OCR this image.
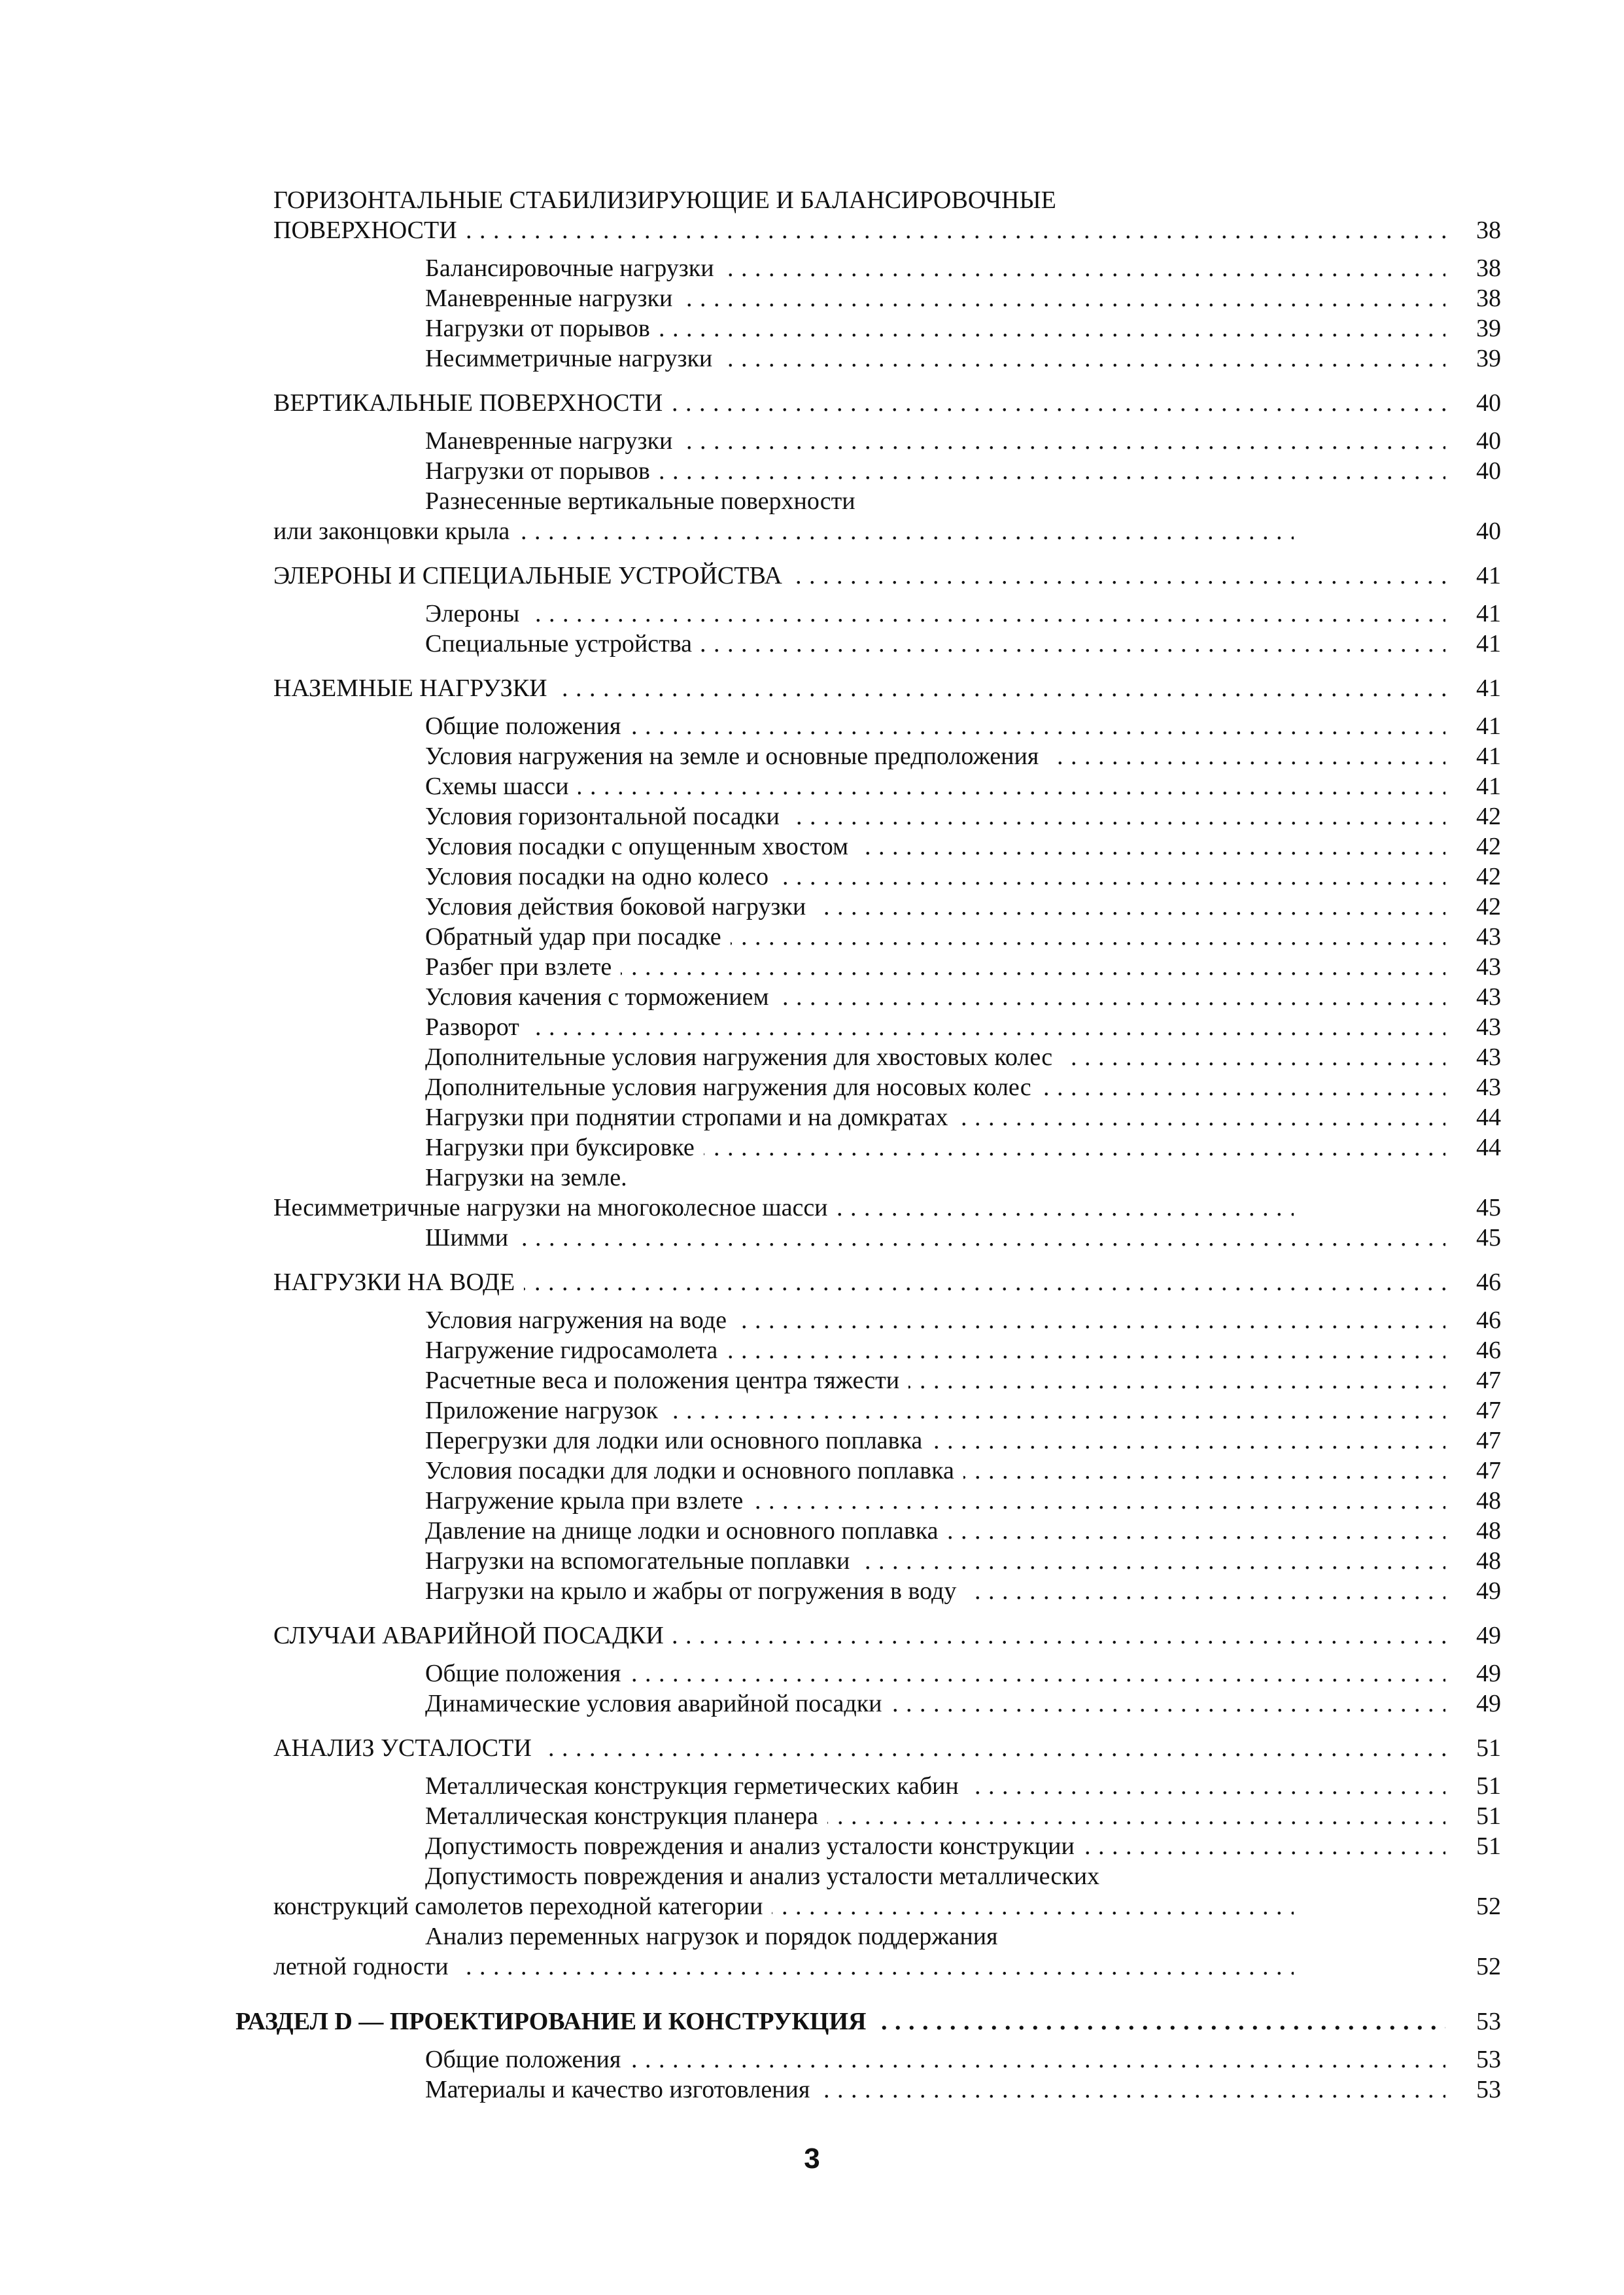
ГОРИЗОНТАЛЬНЫЕ СТАБИЛИЗИРУЮЩИЕ И БАЛАНСИРОВОЧНЫЕ
ПОВЕРХНОСТИ . . .	38
Балансировочные нагрузки . . .	38
Маневренные нагрузки . . .	38
Нагрузки от порывов . . .	39
Несимметричные нагрузки . . .	39
ВЕРТИКАЛЬНЫЕ ПОВЕРХНОСТИ . . .	40
Маневренные нагрузки . . .	40
Нагрузки от порывов . . .	40
Разнесенные вертикальные поверхности
или законцовки крыла . . .	40
ЭЛЕРОНЫ И СПЕЦИАЛЬНЫЕ УСТРОЙСТВА . . .	41
Элероны . . .	41
Специальные устройства . . .	41
НАЗЕМНЫЕ НАГРУЗКИ . . .	41
Общие положения . . .	41
Условия нагружения на земле и основные предположения . . .	41
Схемы шасси . . .	41
Условия горизонтальной посадки . . .	42
Условия посадки с опущенным хвостом . . .	42
Условия посадки на одно колесо . . .	42
Условия действия боковой нагрузки . . .	42
Обратный удар при посадке . . .	43
Разбег при взлете . . .	43
Условия качения с торможением . . .	43
Разворот . . .	43
Дополнительные условия нагружения для хвостовых колес . . .	43
Дополнительные условия нагружения для носовых колес . . .	43
Нагрузки при поднятии стропами и на домкратах . . .	44
Нагрузки при буксировке . . .	44
Нагрузки на земле.
Несимметричные нагрузки на многоколесное шасси . . .	45
Шимми . . .	45
НАГРУЗКИ НА ВОДЕ . . .	46
Условия нагружения на воде . . .	46
Нагружение гидросамолета . . .	46
Расчетные веса и положения центра тяжести . . .	47
Приложение нагрузок . . .	47
Перегрузки для лодки или основного поплавка . . .	47
Условия посадки для лодки и основного поплавка . . .	47
Нагружение крыла при взлете . . .	48
Давление на днище лодки и основного поплавка . . .	48
Нагрузки на вспомогательные поплавки . . .	48
Нагрузки на крыло и жабры от погружения в воду . . .	49
СЛУЧАИ АВАРИЙНОЙ ПОСАДКИ . . .	49
Общие положения . . .	49
Динамические условия аварийной посадки . . .	49
АНАЛИЗ УСТАЛОСТИ . . .	51
Металлическая конструкция герметических кабин . . .	51
Металлическая конструкция планера . . .	51
Допустимость повреждения и анализ усталости конструкции . . .	51
Допустимость повреждения и анализ усталости металлических
конструкций самолетов переходной категории . . .	52
Анализ переменных нагрузок и порядок поддержания
летной годности . . .	52
РАЗДЕЛ D — ПРОЕКТИРОВАНИЕ И КОНСТРУКЦИЯ . . .	53
Общие положения . . .	53
Материалы и качество изготовления . . .	53
3
